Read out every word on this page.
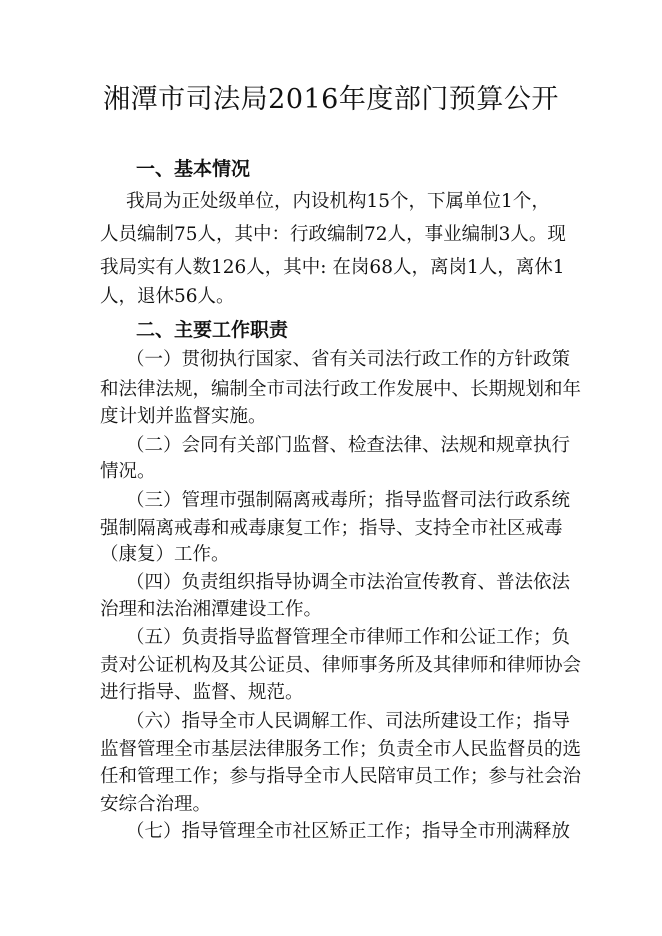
湘潭市司法局2016年度部门预算公开
一、基本情况
我局为正处级单位，内设机构15个，下属单位1个，
人员编制75人，其中：行政编制72人，事业编制3人。现
我局实有人数126人，其中: 在岗68人，离岗1人，离休1
人，退休56人。
二、主要工作职责
（一）贯彻执行国家、省有关司法行政工作的方针政策
和法律法规，编制全市司法行政工作发展中、长期规划和年
度计划并监督实施。
（二）会同有关部门监督、检查法律、法规和规章执行
情况。
（三）管理市强制隔离戒毒所；指导监督司法行政系统
强制隔离戒毒和戒毒康复工作；指导、支持全市社区戒毒
（康复）工作。
（四）负责组织指导协调全市法治宣传教育、普法依法
治理和法治湘潭建设工作。
（五）负责指导监督管理全市律师工作和公证工作；负
责对公证机构及其公证员、律师事务所及其律师和律师协会
进行指导、监督、规范。
（六）指导全市人民调解工作、司法所建设工作；指导
监督管理全市基层法律服务工作；负责全市人民监督员的选
任和管理工作；参与指导全市人民陪审员工作；参与社会治
安综合治理。
（七）指导管理全市社区矫正工作；指导全市刑满释放
